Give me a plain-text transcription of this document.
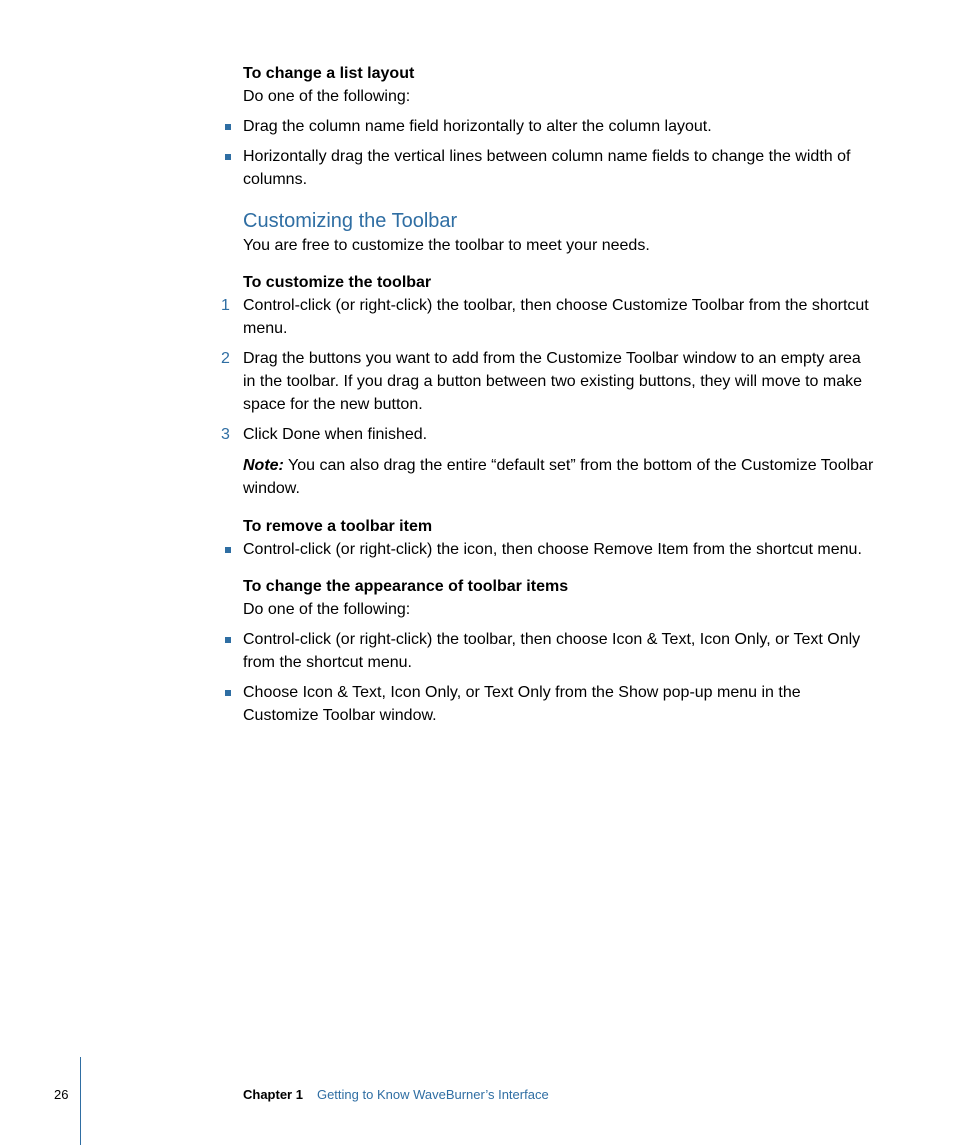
To change a list layout

Do one of the following:

Drag the column name field horizontally to alter the column layout.

Horizontally drag the vertical lines between column name fields to change the width of columns.

Customizing the Toolbar

You are free to customize the toolbar to meet your needs.

To customize the toolbar

1 Control-click (or right-click) the toolbar, then choose Customize Toolbar from the shortcut menu.

2 Drag the buttons you want to add from the Customize Toolbar window to an empty area in the toolbar. If you drag a button between two existing buttons, they will move to make space for the new button.

3 Click Done when finished.

Note: You can also drag the entire “default set” from the bottom of the Customize Toolbar window.

To remove a toolbar item

Control-click (or right-click) the icon, then choose Remove Item from the shortcut menu.

To change the appearance of toolbar items

Do one of the following:

Control-click (or right-click) the toolbar, then choose Icon & Text, Icon Only, or Text Only from the shortcut menu.

Choose Icon & Text, Icon Only, or Text Only from the Show pop-up menu in the Customize Toolbar window.

26	Chapter 1 Getting to Know WaveBurner’s Interface
